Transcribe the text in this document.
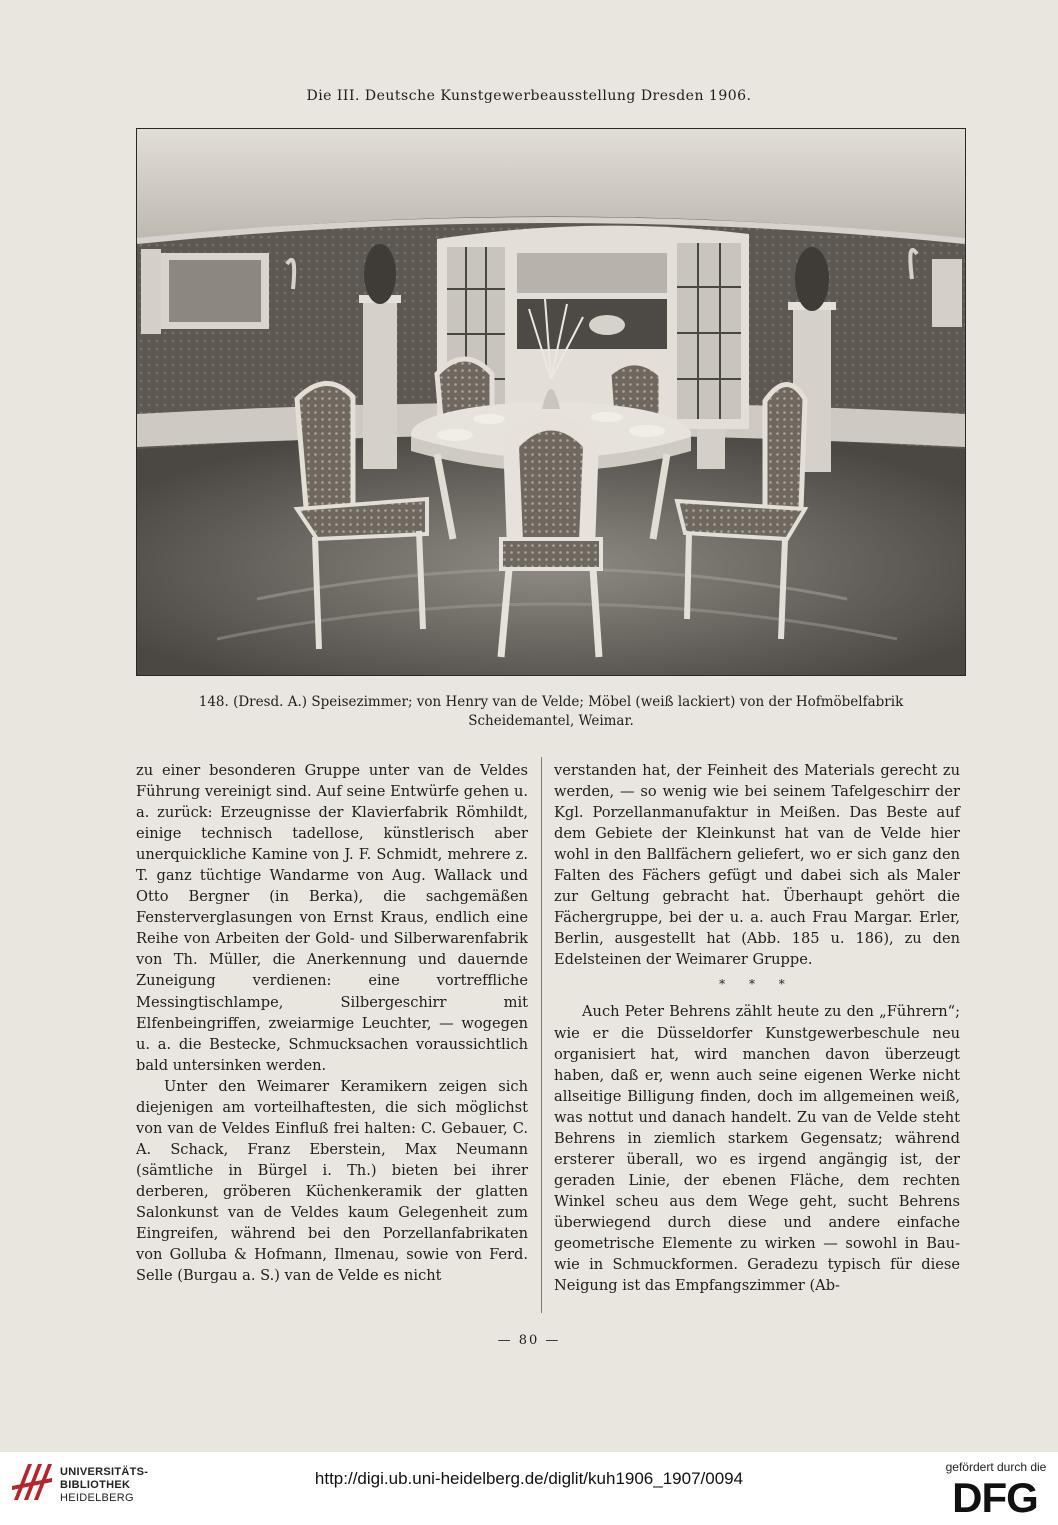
Die III. Deutsche Kunstgewerbeausstellung Dresden 1906.
148. (Dresd. A.) Speisezimmer; von Henry van de Velde; Möbel (weiß lackiert) von der Hofmöbelfabrik
Scheidemantel, Weimar.

zu einer besonderen Gruppe unter van de Veldes Führung vereinigt sind. Auf seine Entwürfe gehen u. a. zurück: Erzeugnisse der Klavierfabrik Römhildt, einige technisch tadellose, künstlerisch aber unerquickliche Kamine von J. F. Schmidt, mehrere z. T. ganz tüchtige Wandarme von Aug. Wallack und Otto Bergner (in Berka), die sachgemäßen Fensterverglasungen von Ernst Kraus, endlich eine Reihe von Arbeiten der Gold- und Silberwarenfabrik von Th. Müller, die Anerkennung und dauernde Zuneigung verdienen: eine vortreffliche Messingtischlampe, Silbergeschirr mit Elfenbeingriffen, zweiarmige Leuchter, — wogegen u. a. die Bestecke, Schmucksachen voraussichtlich bald untersinken werden.

Unter den Weimarer Keramikern zeigen sich diejenigen am vorteilhaftesten, die sich möglichst von van de Veldes Einfluß frei halten: C. Gebauer, C. A. Schack, Franz Eberstein, Max Neumann (sämtliche in Bürgel i. Th.) bieten bei ihrer derberen, gröberen Küchenkeramik der glatten Salonkunst van de Veldes kaum Gelegenheit zum Eingreifen, während bei den Porzellanfabrikaten von Golluba & Hofmann, Ilmenau, sowie von Ferd. Selle (Burgau a. S.) van de Velde es nicht

verstanden hat, der Feinheit des Materials gerecht zu werden, — so wenig wie bei seinem Tafelgeschirr der Kgl. Porzellanmanufaktur in Meißen. Das Beste auf dem Gebiete der Kleinkunst hat van de Velde hier wohl in den Ballfächern geliefert, wo er sich ganz den Falten des Fächers gefügt und dabei sich als Maler zur Geltung gebracht hat. Überhaupt gehört die Fächergruppe, bei der u. a. auch Frau Margar. Erler, Berlin, ausgestellt hat (Abb. 185 u. 186), zu den Edelsteinen der Weimarer Gruppe.

* * *

Auch Peter Behrens zählt heute zu den „Führern“; wie er die Düsseldorfer Kunstgewerbeschule neu organisiert hat, wird manchen davon überzeugt haben, daß er, wenn auch seine eigenen Werke nicht allseitige Billigung finden, doch im allgemeinen weiß, was nottut und danach handelt. Zu van de Velde steht Behrens in ziemlich starkem Gegensatz; während ersterer überall, wo es irgend angängig ist, der geraden Linie, der ebenen Fläche, dem rechten Winkel scheu aus dem Wege geht, sucht Behrens überwiegend durch diese und andere einfache geometrische Elemente zu wirken — sowohl in Bau- wie in Schmuckformen. Geradezu typisch für diese Neigung ist das Empfangszimmer (Ab-

— 80 —
UNIVERSITÄTS-
BIBLIOTHEK
HEIDELBERG
http://digi.ub.uni-heidelberg.de/diglit/kuh1906_1907/0094
gefördert durch die
DFG
